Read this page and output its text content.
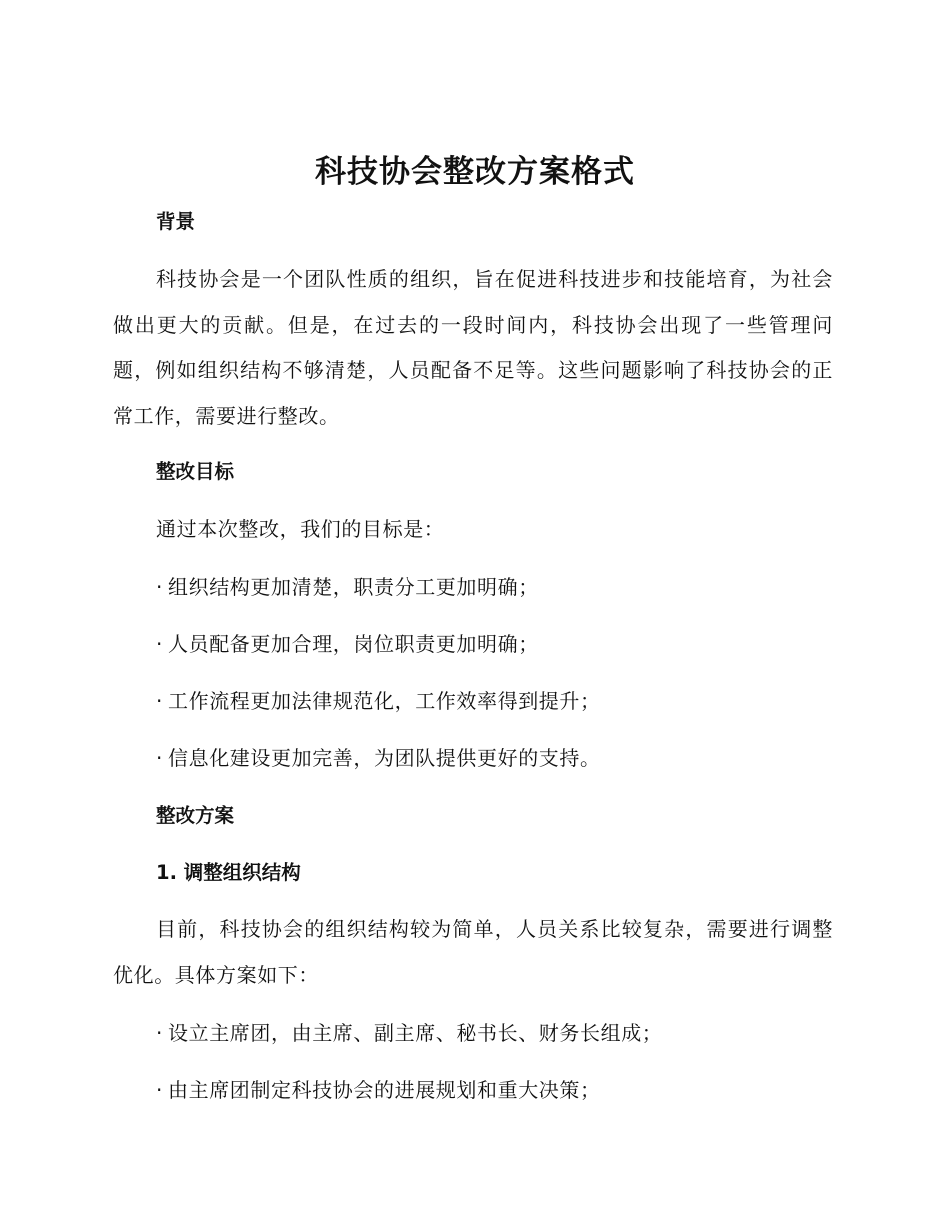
科技协会整改方案格式
背景

科技协会是一个团队性质的组织，旨在促进科技进步和技能培育，为社会做出更大的贡献。但是，在过去的一段时间内，科技协会出现了一些管理问题，例如组织结构不够清楚，人员配备不足等。这些问题影响了科技协会的正常工作，需要进行整改。

整改目标
通过本次整改，我们的目标是：
· 组织结构更加清楚，职责分工更加明确；
· 人员配备更加合理，岗位职责更加明确；
· 工作流程更加法律规范化，工作效率得到提升；
· 信息化建设更加完善，为团队提供更好的支持。
整改方案
1. 调整组织结构

目前，科技协会的组织结构较为简单，人员关系比较复杂，需要进行调整优化。具体方案如下：

· 设立主席团，由主席、副主席、秘书长、财务长组成；
· 由主席团制定科技协会的进展规划和重大决策；
